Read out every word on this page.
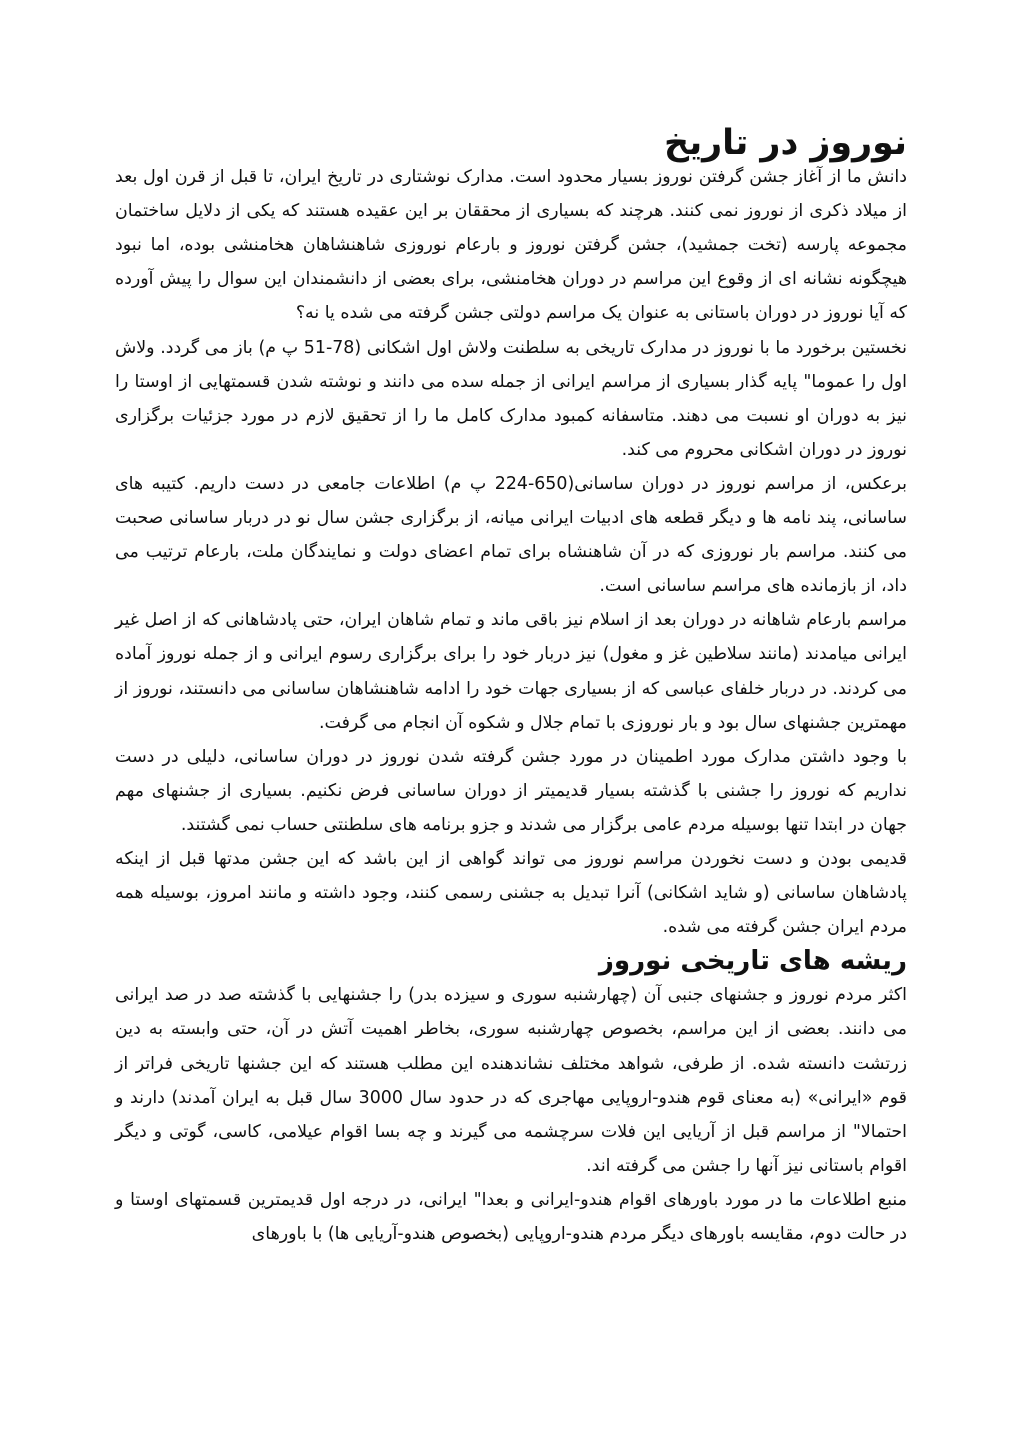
نوروز در تاریخ

دانش ما از آغاز جشن گرفتن نوروز بسیار محدود است. مدارک نوشتاری در تاریخ ایران، تا قبل از قرن اول بعد از میلاد ذکری از نوروز نمی کنند. هرچند که بسیاری از محققان بر این عقیده هستند که یکی از دلایل ساختمان مجموعه پارسه (تخت جمشید)، جشن گرفتن نوروز و بارعام نوروزی شاهنشاهان هخامنشی بوده، اما نبود هیچگونه نشانه ای از وقوع این مراسم در دوران هخامنشی، برای بعضی از دانشمندان این سوال را پیش آورده که آیا نوروز در دوران باستانی به عنوان یک مراسم دولتی جشن گرفته می شده یا نه؟

نخستین برخورد ما با نوروز در مدارک تاریخی به سلطنت ولاش اول اشکانی (78-51 پ م) باز می گردد. ولاش اول را عموما" پایه گذار بسیاری از مراسم ایرانی از جمله سده می دانند و نوشته شدن قسمتهایی از اوستا را نیز به دوران او نسبت می دهند. متاسفانه کمبود مدارک کامل ما را از تحقیق لازم در مورد جزئیات برگزاری نوروز در دوران اشکانی محروم می کند.

برعکس، از مراسم نوروز در دوران ساسانی(650-224 پ م) اطلاعات جامعی در دست داریم. کتیبه های ساسانی، پند نامه ها و دیگر قطعه های ادبیات ایرانی میانه، از برگزاری جشن سال نو در دربار ساسانی صحبت می کنند. مراسم بار نوروزی که در آن شاهنشاه برای تمام اعضای دولت و نمایندگان ملت، بارعام ترتیب می داد، از بازمانده های مراسم ساسانی است.

مراسم بارعام شاهانه در دوران بعد از اسلام نیز باقی ماند و تمام شاهان ایران، حتی پادشاهانی که از اصل غیر ایرانی میامدند (مانند سلاطین غز و مغول) نیز دربار خود را برای برگزاری رسوم ایرانی و از جمله نوروز آماده می کردند. در دربار خلفای عباسی که از بسیاری جهات خود را ادامه شاهنشاهان ساسانی می دانستند، نوروز از مهمترین جشنهای سال بود و بار نوروزی با تمام جلال و شکوه آن انجام می گرفت.

با وجود داشتن مدارک مورد اطمینان در مورد جشن گرفته شدن نوروز در دوران ساسانی، دلیلی در دست نداریم که نوروز را جشنی با گذشته بسیار قدیمیتر از دوران ساسانی فرض نکنیم. بسیاری از جشنهای مهم جهان در ابتدا تنها بوسیله مردم عامی برگزار می شدند و جزو برنامه های سلطنتی حساب نمی گشتند.

قدیمی بودن و دست نخوردن مراسم نوروز می تواند گواهی از این باشد که این جشن مدتها قبل از اینکه پادشاهان ساسانی (و شاید اشکانی) آنرا تبدیل به جشنی رسمی کنند، وجود داشته و مانند امروز، بوسیله همه مردم ایران جشن گرفته می شده.

ریشه های تاریخی نوروز

اکثر مردم نوروز و جشنهای جنبی آن (چهارشنبه سوری و سیزده بدر) را جشنهایی با گذشته صد در صد ایرانی می دانند. بعضی از این مراسم، بخصوص چهارشنبه سوری، بخاطر اهمیت آتش در آن، حتی وابسته به دین زرتشت دانسته شده. از طرفی، شواهد مختلف نشاندهنده این مطلب هستند که این جشنها تاریخی فراتر از قوم «ایرانی» (به معنای قوم هندو-اروپایی مهاجری که در حدود سال 3000 سال قبل به ایران آمدند) دارند و احتمالا" از مراسم قبل از آریایی این فلات سرچشمه می گیرند و چه بسا اقوام عیلامی، کاسی، گوتی و دیگر اقوام باستانی نیز آنها را جشن می گرفته اند.

منبع اطلاعات ما در مورد باورهای اقوام هندو-ایرانی و بعدا" ایرانی، در درجه اول قدیمترین قسمتهای اوستا و در حالت دوم، مقایسه باورهای دیگر مردم هندو-اروپایی (بخصوص هندو-آریایی ها) با باورهای
